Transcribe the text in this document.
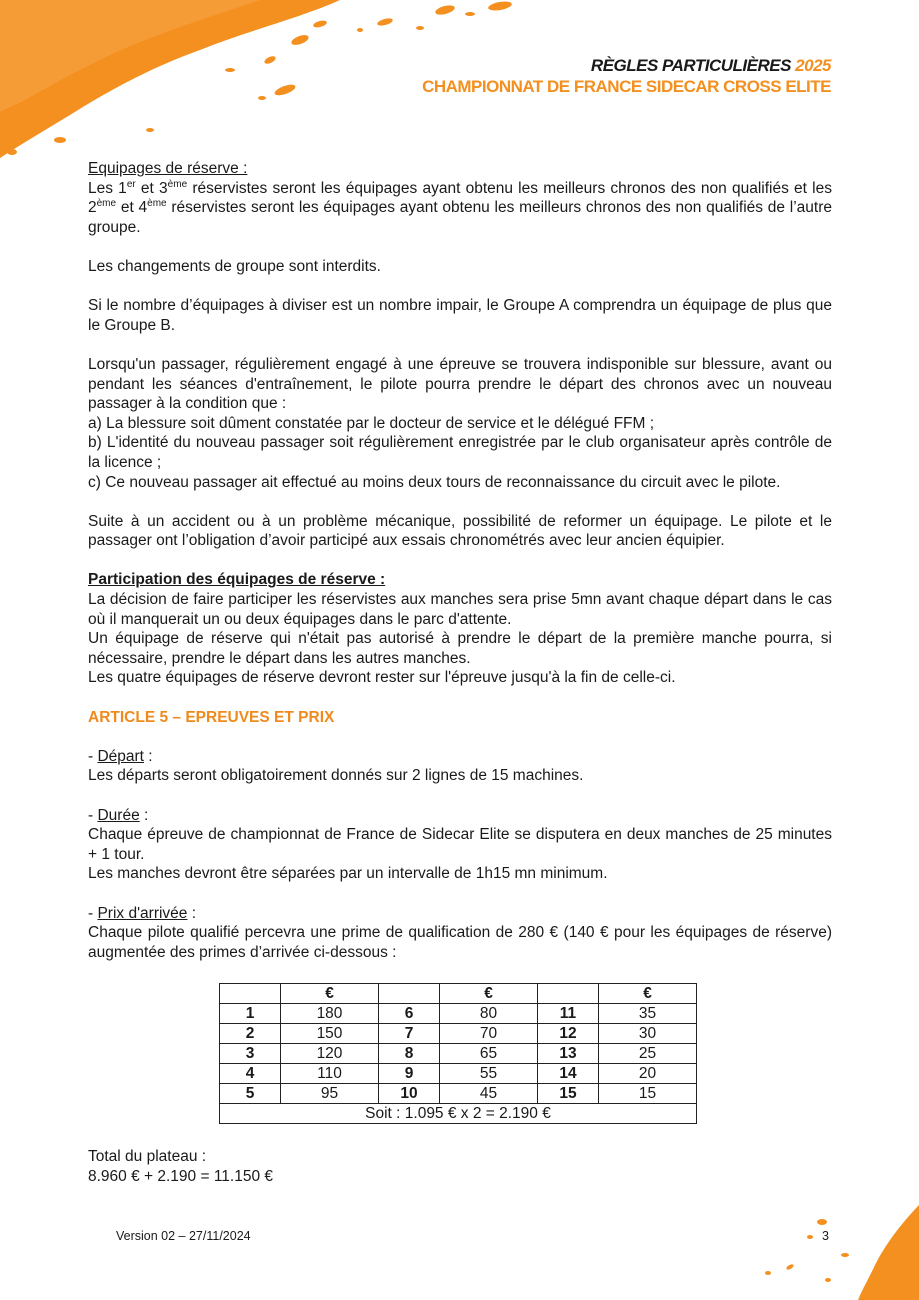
RÈGLES PARTICULIÈRES 2025
CHAMPIONNAT DE FRANCE SIDECAR CROSS ELITE

Equipages de réserve :

Les 1er et 3ème réservistes seront les équipages ayant obtenu les meilleurs chronos des non qualifiés et les 2ème et 4ème réservistes seront les équipages ayant obtenu les meilleurs chronos des non qualifiés de l’autre groupe.

Les changements de groupe sont interdits.

Si le nombre d’équipages à diviser est un nombre impair, le Groupe A comprendra un équipage de plus que le Groupe B.

Lorsqu'un passager, régulièrement engagé à une épreuve se trouvera indisponible sur blessure, avant ou pendant les séances d'entraînement, le pilote pourra prendre le départ des chronos avec un nouveau passager à la condition que :

a) La blessure soit dûment constatée par le docteur de service et le délégué FFM ;

b) L'identité du nouveau passager soit régulièrement enregistrée par le club organisateur après contrôle de la licence ;

c) Ce nouveau passager ait effectué au moins deux tours de reconnaissance du circuit avec le pilote.

Suite à un accident ou à un problème mécanique, possibilité de reformer un équipage. Le pilote et le passager ont l’obligation d’avoir participé aux essais chronométrés avec leur ancien équipier.

Participation des équipages de réserve :

La décision de faire participer les réservistes aux manches sera prise 5mn avant chaque départ dans le cas où il manquerait un ou deux équipages dans le parc d'attente.

Un équipage de réserve qui n'était pas autorisé à prendre le départ de la première manche pourra, si nécessaire, prendre le départ dans les autres manches.

Les quatre équipages de réserve devront rester sur l'épreuve jusqu'à la fin de celle-ci.

ARTICLE 5 – EPREUVES ET PRIX

- Départ :

Les départs seront obligatoirement donnés sur 2 lignes de 15 machines.

- Durée :

Chaque épreuve de championnat de France de Sidecar Elite se disputera en deux manches de 25 minutes + 1 tour.

Les manches devront être séparées par un intervalle de 1h15 mn minimum.

- Prix d'arrivée :

Chaque pilote qualifié percevra une prime de qualification de 280 € (140 € pour les équipages de réserve) augmentée des primes d’arrivée ci-dessous :

	€		€		€
1	180	6	80	11	35
2	150	7	70	12	30
3	120	8	65	13	25
4	110	9	55	14	20
5	95	10	45	15	15
Soit : 1.095 € x 2 = 2.190 €					
Total du plateau :
8.960 € + 2.190 = 11.150 €
Version 02 – 27/11/2024	3
